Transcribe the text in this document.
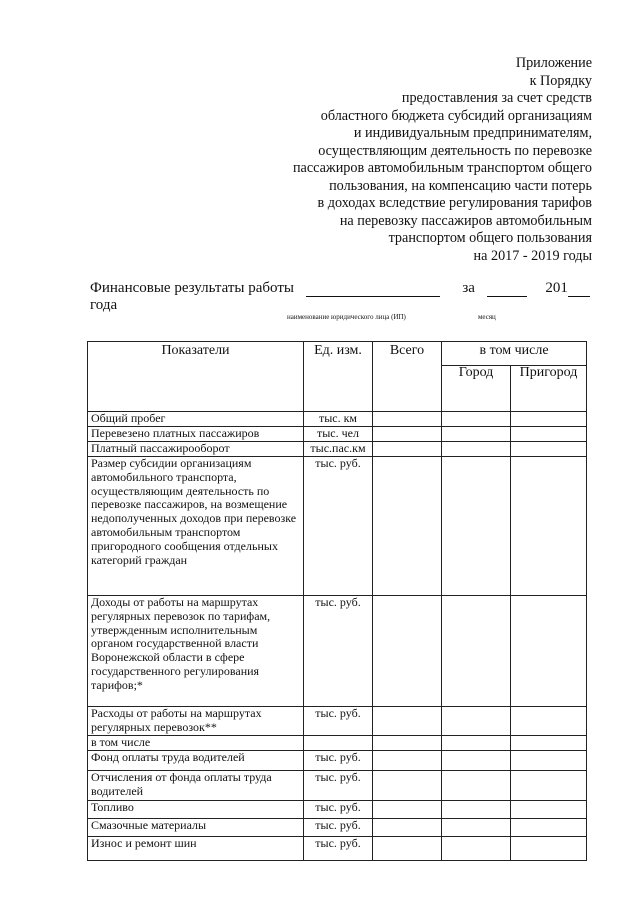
Приложение
к Порядку
предоставления за счет средств
областного бюджета субсидий организациям
и индивидуальным предпринимателям,
осуществляющим деятельность по перевозке
пассажиров автомобильным транспортом общего
пользования, на компенсацию части потерь
в доходах вследствие регулирования тарифов
на перевозку пассажиров автомобильным
транспортом общего пользования
на 2017 - 2019 годы
Финансовые результаты работы	за	201
года
наименование юридического лица (ИП)	месяц
Показатели	Ед. изм.	Всего	в том числе	
			Город	Пригород
Общий пробег	тыс. км			
Перевезено платных пассажиров	тыс. чел			
Платный пассажирооборот	тыс.пас.км			
Размер субсидии организациям автомобильного транспорта, осуществляющим деятельность по перевозке пассажиров, на возмещение недополученных доходов при перевозке автомобильным транспортом пригородного сообщения отдельных категорий граждан	тыс. руб.			
Доходы от работы на маршрутах регулярных перевозок по тарифам, утвержденным исполнительным органом государственной власти Воронежской области в сфере государственного регулирования тарифов;*	тыс. руб.			
Расходы от работы на маршрутах регулярных перевозок**	тыс. руб.			
в том числе				
Фонд оплаты труда водителей	тыс. руб.			
Отчисления от фонда оплаты труда водителей	тыс. руб.			
Топливо	тыс. руб.			
Смазочные материалы	тыс. руб.			
Износ и ремонт шин	тыс. руб.			
